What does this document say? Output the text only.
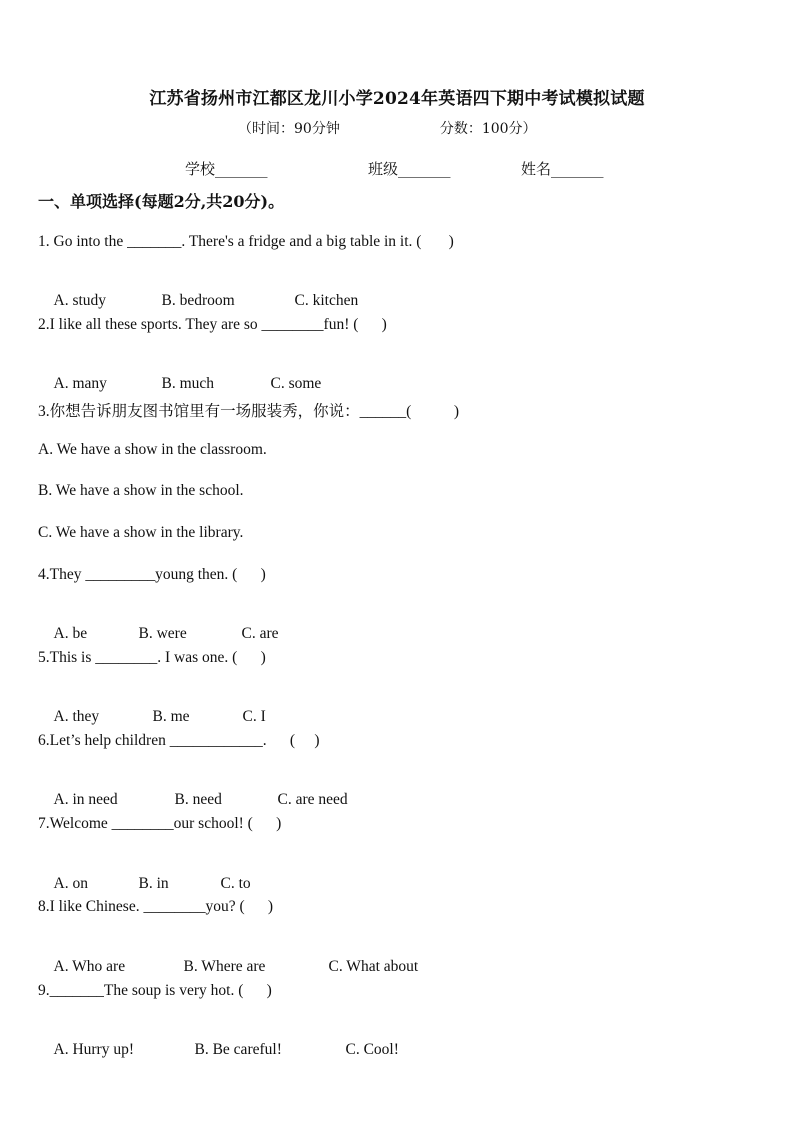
江苏省扬州市江都区龙川小学2024年英语四下期中考试模拟试题
（时间：90分钟	分数：100分）
学校_______	班级_______	姓名_______
一、单项选择(每题2分,共20分)。
1. Go into the _______. There's a fridge and a big table in it. (       )

A. study	B. bedroom	C. kitchen

2.I like all these sports. They are so ________fun! (      )

A. many	B. much	C. some

3.你想告诉朋友图书馆里有一场服装秀，你说：______(           )
A. We have a show in the classroom.
B. We have a show in the school.
C. We have a show in the library.
4.They _________young then. (      )

A. be	B. were	C. are

5.This is ________. I was one. (      )

A. they	B. me	C. I

6.Let’s help children ____________.      (     )

A. in need	B. need	C. are need

7.Welcome ________our school! (      )

A. on	B. in	C. to

8.I like Chinese. ________you? (      )

A. Who are	B. Where are	C. What about

9._______The soup is very hot. (      )

A. Hurry up!	B. Be careful!	C. Cool!
